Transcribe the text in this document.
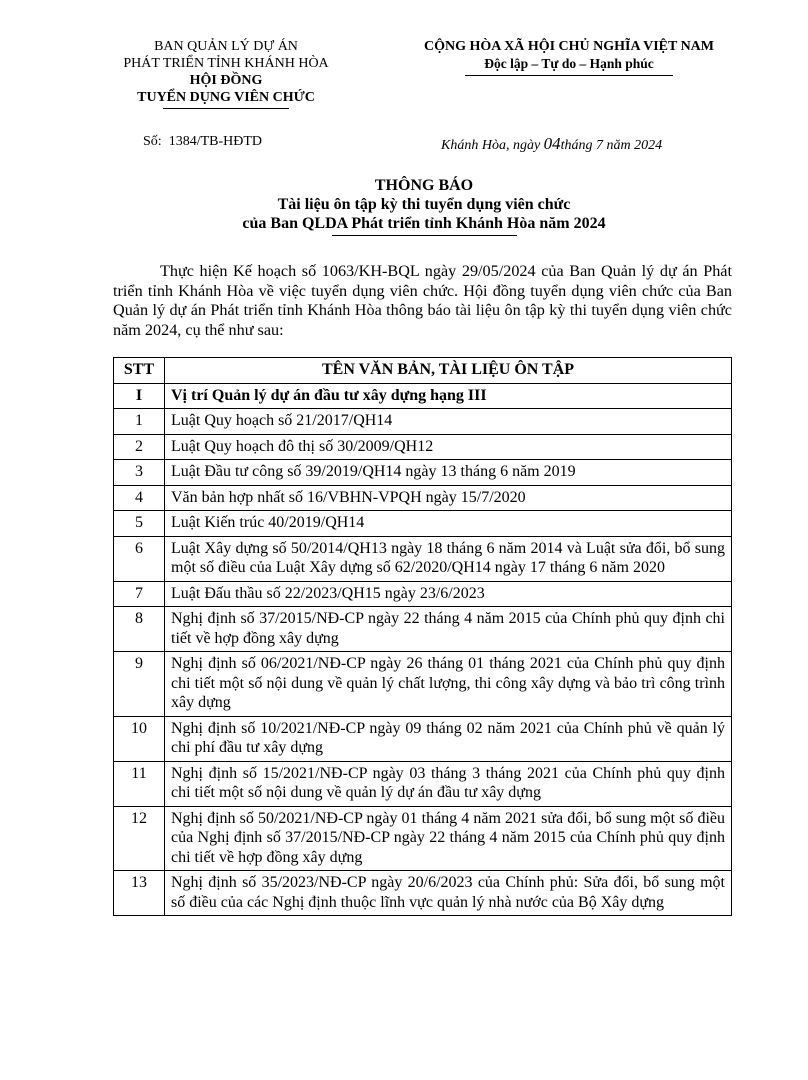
BAN QUẢN LÝ DỰ ÁN
PHÁT TRIỂN TỈNH KHÁNH HÒA
HỘI ĐỒNG
TUYỂN DỤNG VIÊN CHỨC
CỘNG HÒA XÃ HỘI CHỦ NGHĨA VIỆT NAM
Độc lập – Tự do – Hạnh phúc
Số: 1384/TB-HĐTD	Khánh Hòa, ngày 04tháng 7 năm 2024
THÔNG BÁO
Tài liệu ôn tập kỳ thi tuyển dụng viên chức
của Ban QLDA Phát triển tỉnh Khánh Hòa năm 2024

Thực hiện Kế hoạch số 1063/KH-BQL ngày 29/05/2024 của Ban Quản lý dự án Phát triển tỉnh Khánh Hòa về việc tuyển dụng viên chức. Hội đồng tuyển dụng viên chức của Ban Quản lý dự án Phát triển tỉnh Khánh Hòa thông báo tài liệu ôn tập kỳ thi tuyển dụng viên chức năm 2024, cụ thể như sau:

STT	TÊN VĂN BẢN, TÀI LIỆU ÔN TẬP
I	Vị trí Quản lý dự án đầu tư xây dựng hạng III
1	Luật Quy hoạch số 21/2017/QH14
2	Luật Quy hoạch đô thị số 30/2009/QH12
3	Luật Đầu tư công số 39/2019/QH14 ngày 13 tháng 6 năm 2019
4	Văn bản hợp nhất số 16/VBHN-VPQH ngày 15/7/2020
5	Luật Kiến trúc 40/2019/QH14
6	Luật Xây dựng số 50/2014/QH13 ngày 18 tháng 6 năm 2014 và Luật sửa đổi, bổ sung một số điều của Luật Xây dựng số 62/2020/QH14 ngày 17 tháng 6 năm 2020
7	Luật Đấu thầu số 22/2023/QH15 ngày 23/6/2023
8	Nghị định số 37/2015/NĐ-CP ngày 22 tháng 4 năm 2015 của Chính phủ quy định chi tiết về hợp đồng xây dựng
9	Nghị định số 06/2021/NĐ-CP ngày 26 tháng 01 tháng 2021 của Chính phủ quy định chi tiết một số nội dung về quản lý chất lượng, thi công xây dựng và bảo trì công trình xây dựng
10	Nghị định số 10/2021/NĐ-CP ngày 09 tháng 02 năm 2021 của Chính phủ về quản lý chi phí đầu tư xây dựng
11	Nghị định số 15/2021/NĐ-CP ngày 03 tháng 3 tháng 2021 của Chính phủ quy định chi tiết một số nội dung về quản lý dự án đầu tư xây dựng
12	Nghị định số 50/2021/NĐ-CP ngày 01 tháng 4 năm 2021 sửa đổi, bổ sung một số điều của Nghị định số 37/2015/NĐ-CP ngày 22 tháng 4 năm 2015 của Chính phủ quy định chi tiết về hợp đồng xây dựng
13	Nghị định số 35/2023/NĐ-CP ngày 20/6/2023 của Chính phủ: Sửa đổi, bổ sung một số điều của các Nghị định thuộc lĩnh vực quản lý nhà nước của Bộ Xây dựng
